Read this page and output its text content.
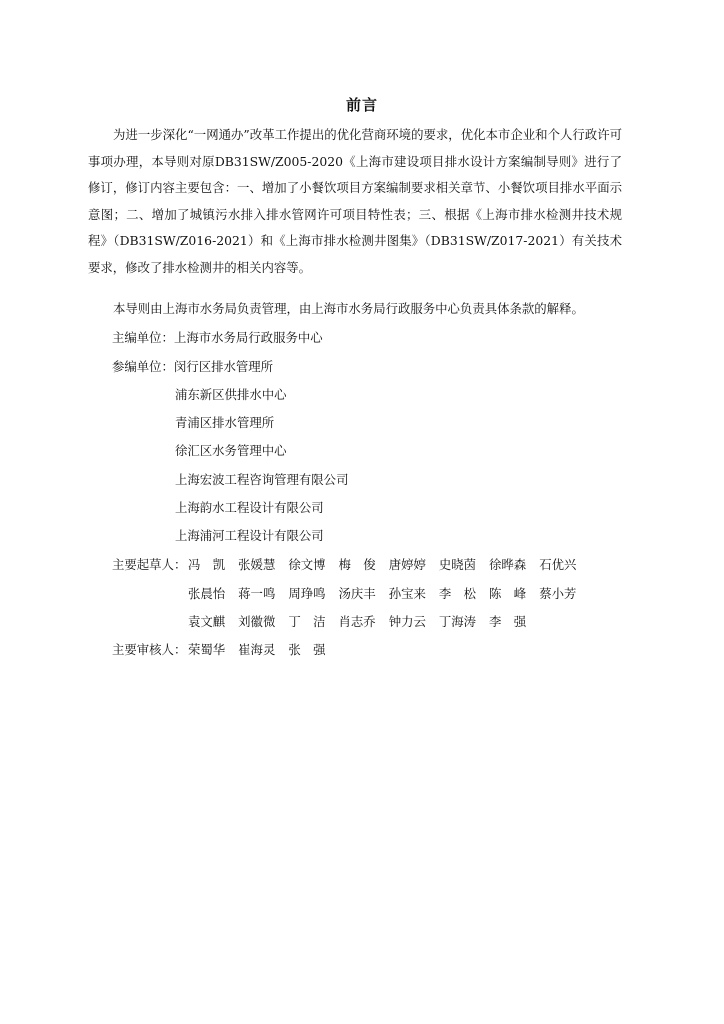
前言
为进一步深化“一网通办”改革工作提出的优化营商环境的要求，优化本市企业和个人行政许可事项办理，本导则对原DB31SW/Z005-2020《上海市建设项目排水设计方案编制导则》进行了修订，修订内容主要包含：一、增加了小餐饮项目方案编制要求相关章节、小餐饮项目排水平面示意图；二、增加了城镇污水排入排水管网许可项目特性表；三、根据《上海市排水检测井技术规程》（DB31SW/Z016-2021）和《上海市排水检测井图集》（DB31SW/Z017-2021）有关技术要求，修改了排水检测井的相关内容等。
本导则由上海市水务局负责管理，由上海市水务局行政服务中心负责具体条款的解释。
主编单位：上海市水务局行政服务中心
参编单位：闵行区排水管理所
浦东新区供排水中心
青浦区排水管理所
徐汇区水务管理中心
上海宏波工程咨询管理有限公司
上海韵水工程设计有限公司
上海浦河工程设计有限公司
主要起草人： 冯　凯 张媛慧 徐文博 梅　俊 唐婷婷 史晓茵 徐晔森 石优兴
张晨怡 蒋一鸣 周琤鸣 汤庆丰 孙宝来 李　松 陈　峰 蔡小芳
袁文麒 刘徽微 丁　洁 肖志乔 钟力云 丁海涛 李　强
主要审核人： 荣蜀华 崔海灵 张　强
